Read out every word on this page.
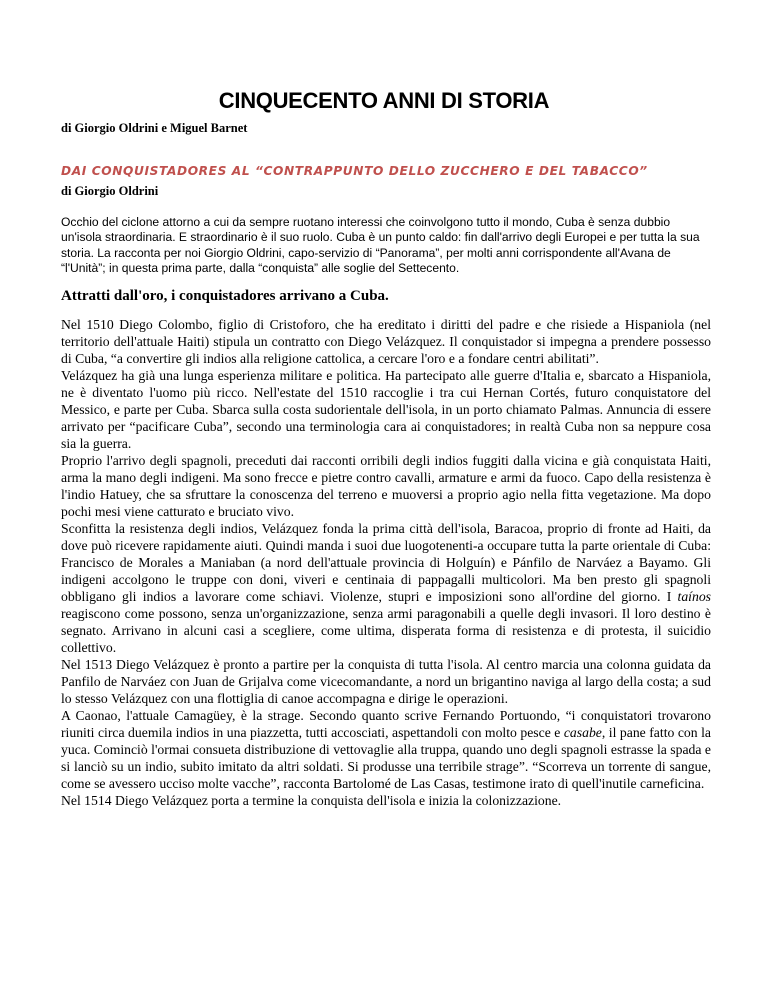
CINQUECENTO ANNI DI STORIA
di Giorgio Oldrini e Miguel Barnet
DAI CONQUISTADORES AL “CONTRAPPUNTO DELLO ZUCCHERO E DEL TABACCO”
di Giorgio Oldrini

Occhio del ciclone attorno a cui da sempre ruotano interessi che coinvolgono tutto il mondo, Cuba è senza dubbio un'isola straordinaria. E straordinario è il suo ruolo. Cuba è un punto caldo: fin dall'arrivo degli Europei e per tutta la sua storia. La racconta per noi Giorgio Oldrini, capo-servizio di “Panorama”, per molti anni corrispondente all'Avana de “l'Unità”; in questa prima parte, dalla “conquista” alle soglie del Settecento.

Attratti dall'oro, i conquistadores arrivano a Cuba.

Nel 1510 Diego Colombo, figlio di Cristoforo, che ha ereditato i diritti del padre e che risiede a Hispaniola (nel territorio dell'attuale Haiti) stipula un contratto con Diego Velázquez. Il conquistador si impegna a prendere possesso di Cuba, “a convertire gli indios alla religione cattolica, a cercare l'oro e a fondare centri abilitati”.

Velázquez ha già una lunga esperienza militare e politica. Ha partecipato alle guerre d'Italia e, sbarcato a Hispaniola, ne è diventato l'uomo più ricco. Nell'estate del 1510 raccoglie i tra cui Hernan Cortés, futuro conquistatore del Messico, e parte per Cuba. Sbarca sulla costa sudorientale dell'isola, in un porto chiamato Palmas. Annuncia di essere arrivato per “pacificare Cuba”, secondo una terminologia cara ai conquistadores; in realtà Cuba non sa neppure cosa sia la guerra.

Proprio l'arrivo degli spagnoli, preceduti dai racconti orribili degli indios fuggiti dalla vicina e già conquistata Haiti, arma la mano degli indigeni. Ma sono frecce e pietre contro cavalli, armature e armi da fuoco. Capo della resistenza è l'indio Hatuey, che sa sfruttare la conoscenza del terreno e muoversi a proprio agio nella fitta vegetazione. Ma dopo pochi mesi viene catturato e bruciato vivo.

Sconfitta la resistenza degli indios, Velázquez fonda la prima città dell'isola, Baracoa, proprio di fronte ad Haiti, da dove può ricevere rapidamente aiuti. Quindi manda i suoi due luogotenenti-a occupare tutta la parte orientale di Cuba: Francisco de Morales a Maniaban (a nord dell'attuale provincia di Holguín) e Pánfilo de Narváez a Bayamo. Gli indigeni accolgono le truppe con doni, viveri e centinaia di pappagalli multicolori. Ma ben presto gli spagnoli obbligano gli indios a lavorare come schiavi. Violenze, stupri e imposizioni sono all'ordine del giorno. I taínos reagiscono come possono, senza un'organizzazione, senza armi paragonabili a quelle degli invasori. Il loro destino è segnato. Arrivano in alcuni casi a scegliere, come ultima, disperata forma di resistenza e di protesta, il suicidio collettivo.

Nel 1513 Diego Velázquez è pronto a partire per la conquista di tutta l'isola. Al centro marcia una colonna guidata da Panfilo de Narváez con Juan de Grijalva come vicecomandante, a nord un brigantino naviga al largo della costa; a sud lo stesso Velázquez con una flottiglia di canoe accompagna e dirige le operazioni.

A Caonao, l'attuale Camagüey, è la strage. Secondo quanto scrive Fernando Portuondo, “i conquistatori trovarono riuniti circa duemila indios in una piazzetta, tutti accosciati, aspettandoli con molto pesce e casabe, il pane fatto con la yuca. Cominciò l'ormai consueta distribuzione di vettovaglie alla truppa, quando uno degli spagnoli estrasse la spada e si lanciò su un indio, subito imitato da altri soldati. Si produsse una terribile strage”. “Scorreva un torrente di sangue, come se avessero ucciso molte vacche”, racconta Bartolomé de Las Casas, testimone irato di quell'inutile carneficina.

Nel 1514 Diego Velázquez porta a termine la conquista dell'isola e inizia la colonizzazione.
